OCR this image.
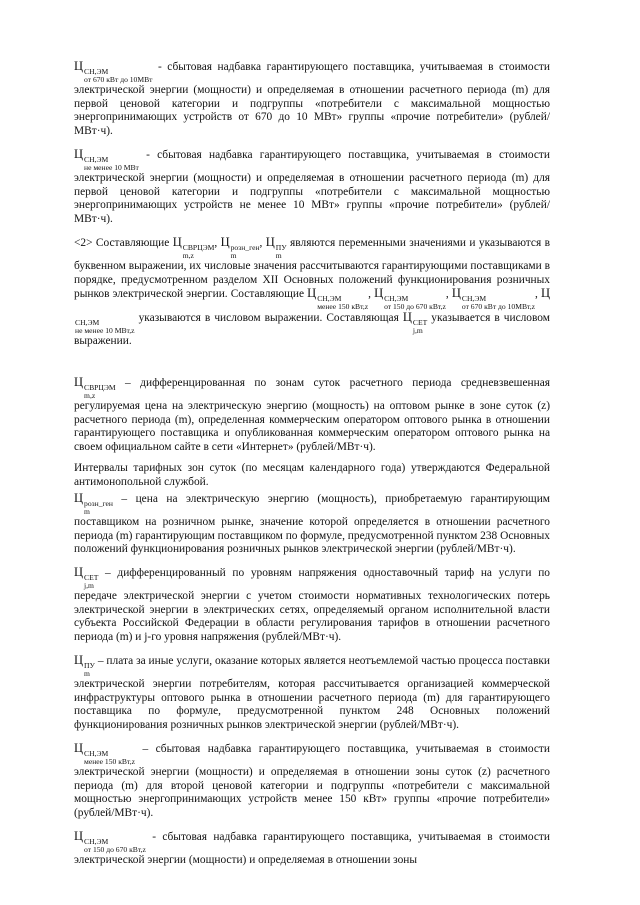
Ц СН,ЭМ
от 670 кВт до 10МВт
- сбытовая надбавка гарантирующего поставщика, учитываемая в стоимости электрической энергии (мощности) и определяемая в отношении расчетного периода (m) для первой ценовой категории и подгруппы «потребители с максимальной мощностью энергопринимающих устройств от 670 до 10 МВт» группы «прочие потребители» (рублей/МВт·ч).

Ц СН,ЭМ
не менее 10 МВт
- сбытовая надбавка гарантирующего поставщика, учитываемая в стоимости электрической энергии (мощности) и определяемая в отношении расчетного периода (m) для первой ценовой категории и подгруппы «потребители с максимальной мощностью энергопринимающих устройств не менее 10 МВт» группы «прочие потребители» (рублей/МВт·ч).

<2> Составляющие Ц СВРЦЭМ
m,z
, Ц розн_ген
m
, Ц ПУ
m
являются переменными значениями и указываются в буквенном выражении, их числовые значения рассчитываются гарантирующими поставщиками в порядке, предусмотренном разделом XII Основных положений функционирования розничных рынков электрической энергии. Составляющие Ц СН,ЭМ
менее 150 кВт,z
, Ц СН,ЭМ
от 150 до 670 кВт,z
, Ц СН,ЭМ
от 670 кВт до 10МВт,z
, Ц
СН,ЭМ
не менее 10 МВт,z
указываются в числовом выражении. Составляющая Ц СЕТ
j,m
указывается в числовом выражении.

Ц СВРЦЭМ
m,z
– дифференцированная по зонам суток расчетного периода средневзвешенная регулируемая цена на электрическую энергию (мощность) на оптовом рынке в зоне суток (z) расчетного периода (m), определенная коммерческим оператором оптового рынка в отношении гарантирующего поставщика и опубликованная коммерческим оператором оптового рынка на своем официальном сайте в сети «Интернет» (рублей/МВт·ч).

Интервалы тарифных зон суток (по месяцам календарного года) утверждаются Федеральной антимонопольной службой.

Ц розн_ген
m
– цена на электрическую энергию (мощность), приобретаемую гарантирующим поставщиком на розничном рынке, значение которой определяется в отношении расчетного периода (m) гарантирующим поставщиком по формуле, предусмотренной пунктом 238 Основных положений функционирования розничных рынков электрической энергии (рублей/МВт·ч).

Ц СЕТ
j,m
– дифференцированный по уровням напряжения одноставочный тариф на услуги по передаче электрической энергии с учетом стоимости нормативных технологических потерь электрической энергии в электрических сетях, определяемый органом исполнительной власти субъекта Российской Федерации в области регулирования тарифов в отношении расчетного периода (m) и j-го уровня напряжения (рублей/МВт·ч).

Ц ПУ
m
– плата за иные услуги, оказание которых является неотъемлемой частью процесса поставки электрической энергии потребителям, которая рассчитывается организацией коммерческой инфраструктуры оптового рынка в отношении расчетного периода (m) для гарантирующего поставщика по формуле, предусмотренной пунктом 248 Основных положений функционирования розничных рынков электрической энергии (рублей/МВт·ч).

Ц СН,ЭМ
менее 150 кВт,z
– сбытовая надбавка гарантирующего поставщика, учитываемая в стоимости электрической энергии (мощности) и определяемая в отношении зоны суток (z) расчетного периода (m) для второй ценовой категории и подгруппы «потребители с максимальной мощностью энергопринимающих устройств менее 150 кВт» группы «прочие потребители» (рублей/МВт·ч).

Ц СН,ЭМ
от 150 до 670 кВт,z
- сбытовая надбавка гарантирующего поставщика, учитываемая в стоимости электрической энергии (мощности) и определяемая в отношении зоны
